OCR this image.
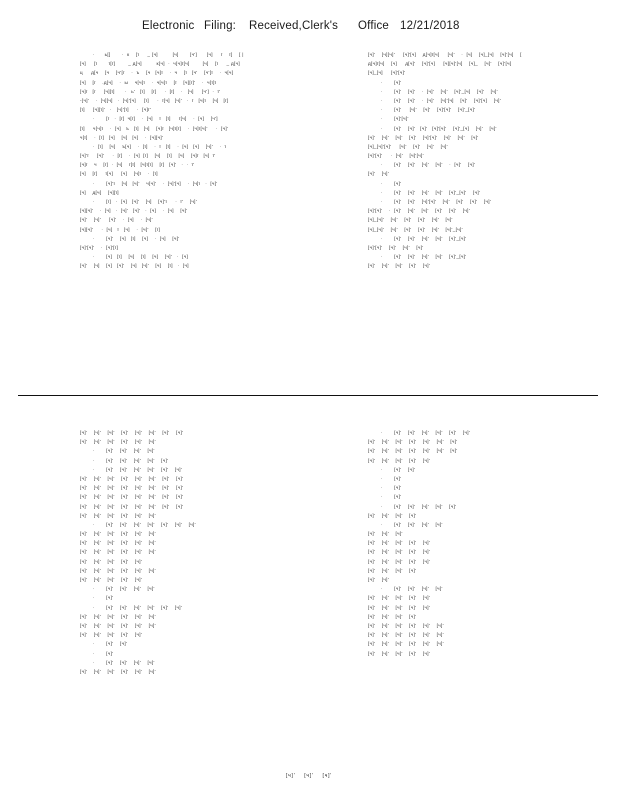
Electronic Filing: Received,Clerk's Office 12/21/2018
·      ь[]       ·  к    [ї     _ [ч]         [ч]       [ч']      [ч]     ї    ї]    [ |
[ч]     [ї       ї[ї]        _ д[ч]         к[ч]  ·  ч[ч]ї[ч]        [ч]    [ї     _ д[ч]
ц     д[ч    [ч    [ч'[ї    ·  ъ    [ч   [ч]ї    ·  ч    [ї   [ч'    [ч'[ї    ·  ч[ч]
[ч]    [ї    .д[ч]    ·  ы    ч[ч]ї    ·  ч[ч]ї    [ї    [ч][ї]'    ·  ч[ї]ї
[ч]ї   [ї     [ч][ї]      ·   ь'   [ї]    [ї]     ·  [ї]    ·   [ч]     [ч']  ·  ї'
-[ч]'    ·  [ч][ч]   ·  [ч]'[ч]     [ї]     ·  ї[ч]   [ч]'   ·  ї   [ч]ї    [ч]   [ї]
[ї]     [ч][ї]'   ·   [ч]'[ї]     ·  [ч]ї'
·       [ї   ·  [ї]  ч[ї]    ·  [ч]    ї   [ї]     ї[ч]    ·  [ч]    [ч']
[ї]     ч[ч]ї    ·  [ч]   ъ   [ї]   [ч]    [ч]ї   [ч]ї[ї]    ·  [ч]ї[ч]'     ·  [ч]'
ч[ї]    ·  [ї]   [ч]    [ч]   [ч]    ·  [ч][ч]'
·  [ї]    [ч]    ъ[ч]    ·  [ї]    ·  ї   [ї]    ·  [ч]   [ч]    [ч]'    ·  ї
[ч]'ї     [ч]'     ·  [ї]    ·  [ч]  [ї]    [ч]    [ї]    [ч]    [ч]ї   [ч]  ї'
[ч]ї    ч    [ї]  ·  [ч]    ї[ї]   [ч]ї[ї]    [ї]   [ч]'   ·  ·  ї'
[ч]    [ї]     ї[ч]     [ч]    [ч]ї    ·  [ї]
·       [ч]'ї    [ч]   [ч]'    ч[ч]'    ·  [ч]'[ч]    ·  [ч]ї   ·  [ч]'
[ч]    д[ч]    [ч][ї]
·       [ї]   ·  [ч]   [ч]'    [ч]    [ч]'ї     ·  ї'    [ч]'
[ч][ч]'    ·  [ч]   ·  [ч]'   [ч]'   ·  [ч]    ·  [ч]    [ч]'
[ч]'    [ч]'     [ч]'    ·  [ч]    ·  [ч]'
[ч][ч]'     ·  [ч]   ї   [ч]    ·  [ч]'    [ї]
·       [ч]'    [ч]   [ї]    [ч]    ·  [ч]    [ч]'
[ч]'[ч]'    ·  [ч]'[ї]
·       [ч]   [ї]    [ч]    [ї]    [ч]    [ч]'   ·  [ч]
[ч]'    [ч]    [ч]   [ч]'    [ч]   [ч]'    [ч]    [ї]   ·  [ч]
[ч]'    [ч][ч]'     [ч]'[ч]    д[ч]ї[ч]     [ч]'    ·  [ч]    [ч]_[ч]    [ч]'[ч]    [
д[ч]ї[ч]    [ч]     д[ч]'    [ч]'[ч]     [ч][ч]'[ч]    [ч]_    [ч]'    [ч]'[ч]
[ч]_[ч]     [ч]'[ч]'
·       [ч]'
·       [ч]'    [ч]'    ·  [ч]'    [ч]'    [ч]'_[ч]    [ч]'    [ч]'
·       [ч]'    [ч]'    ·  [ч]'    [ч]'[ч]    [ч]'    [ч]'[ч]    [ч]'
·       [ч]'     [ч]'    [ч]'    [ч]'[ч]'    [ч]'_[ч]'
·       [ч]'[ч]'
·       [ч]'    [ч]'   [ч]'   [ч]'[ч]'    [ч]'_[ч]    [ч]'    [ч]'
[ч]'    [ч]'    [ч]'    [ч]'    [ч]'[ч]'    [ч]'    [ч]'    [ч]'
[ч]_[ч]'[ч]'     [ч]'    [ч]'    [ч]'    [ч]'
[ч]'[ч]'     ·  [ч]'    [ч]'[ч]'
·       [ч]'    [ч]'    [ч]'    [ч]'    ·  [ч]'    [ч]'
[ч]'    [ч]'
·       [ч]'
·       [ч]'    [ч]'    [ч]'    [ч]'    [ч]'_[ч]'    [ч]'
·       [ч]'    [ч]'    [ч]'[ч]'    [ч]'    [ч]'    [ч]'    [ч]'
[ч]'[ч]'    ·  [ч]'    [ч]'    [ч]'    [ч]'    [ч]'    [ч]'
[ч]_[ч]'    [ч]'    [ч]'    [ч]'    [ч]'    [ч]'
[ч]_[ч]'    [ч]'    [ч]'    [ч]'    [ч]'    [ч]'_[ч]'
·       [ч]'    [ч]'    [ч]'    [ч]'    [ч]'_[ч]'
[ч]'[ч]'    [ч]'    [ч]'    [ч]'
·       [ч]'    [ч]'    [ч]'    [ч]'    [ч]'_[ч]'
[ч]'    [ч]'    [ч]'    [ч]'    [ч]'
[ч]'    [ч]'    [ч]'    [ч]'    [ч]'    [ч]'    [ч]'    [ч]'
[ч]'    [ч]'    [ч]'    [ч]'    [ч]'    [ч]'
·       [ч]'    [ч]'    [ч]'    [ч]'
·       [ч]'    [ч]'    [ч]'    [ч]'    [ч]'
·       [ч]'    [ч]'    [ч]'    [ч]'    [ч]'    [ч]'
[ч]'    [ч]'    [ч]'    [ч]'    [ч]'    [ч]'    [ч]'    [ч]'
[ч]'    [ч]'    [ч]'    [ч]'    [ч]'    [ч]'    [ч]'    [ч]'
[ч]'    [ч]'    [ч]'    [ч]'    [ч]'    [ч]'    [ч]'    [ч]'
[ч]'    [ч]'    [ч]'    [ч]'    [ч]'    [ч]'    [ч]'    [ч]'
[ч]'    [ч]'    [ч]'    [ч]'    [ч]'    [ч]'
·       [ч]'    [ч]'    [ч]'    [ч]'    [ч]'    [ч]'    [ч]'
[ч]'    [ч]'    [ч]'    [ч]'    [ч]'    [ч]'
[ч]'    [ч]'    [ч]'    [ч]'    [ч]'    [ч]'
[ч]'    [ч]'    [ч]'    [ч]'    [ч]'    [ч]'
[ч]'    [ч]'    [ч]'    [ч]'    [ч]'
[ч]'    [ч]'    [ч]'    [ч]'    [ч]'    [ч]'
[ч]'    [ч]'    [ч]'    [ч]'    [ч]'
·       [ч]'    [ч]'    [ч]'    [ч]'
·       [ч]'
·       [ч]'    [ч]'    [ч]'    [ч]'    [ч]'    [ч]'
[ч]'    [ч]'    [ч]'    [ч]'    [ч]'    [ч]'
[ч]'    [ч]'    [ч]'    [ч]'    [ч]'    [ч]'
[ч]'    [ч]'    [ч]'    [ч]'    [ч]'
·       [ч]'    [ч]'
·       [ч]'
·       [ч]'    [ч]'    [ч]'    [ч]'
[ч]'    [ч]'    [ч]'    [ч]'    [ч]'    [ч]'
·       [ч]'    [ч]'    [ч]'    [ч]'    [ч]'    [ч]'
[ч]'    [ч]'    [ч]'    [ч]'    [ч]'    [ч]'    [ч]'
[ч]'    [ч]'    [ч]'    [ч]'    [ч]'    [ч]'    [ч]'
[ч]'    [ч]'    [ч]'    [ч]'    [ч]'
·       [ч]'    [ч]'
·       [ч]'
·       [ч]'
·       [ч]'
·       [ч]'    [ч]'    [ч]'    [ч]'    [ч]'
[ч]'    [ч]'    [ч]'    [ч]'
·       [ч]'    [ч]'    [ч]'    [ч]'
[ч]'    [ч]'    [ч]'
[ч]'    [ч]'    [ч]'    [ч]'    [ч]'
[ч]'    [ч]'    [ч]'    [ч]'    [ч]'
[ч]'    [ч]'    [ч]'    [ч]'    [ч]'
[ч]'    [ч]'    [ч]'    [ч]'
[ч]'    [ч]'
·       [ч]'    [ч]'    [ч]'    [ч]'
[ч]'    [ч]'    [ч]'    [ч]'    [ч]'
[ч]'    [ч]'    [ч]'    [ч]'    [ч]'
[ч]'    [ч]'    [ч]'    [ч]'
[ч]'    [ч]'    [ч]'    [ч]'    [ч]'    [ч]'
[ч]'    [ч]'    [ч]'    [ч]'    [ч]'    [ч]'
[ч]'    [ч]'    [ч]'    [ч]'    [ч]'    [ч]'
[ч]'    [ч]'    [ч]'    [ч]'    [ч]'
[ч]'    [ч]'    [ч]'
